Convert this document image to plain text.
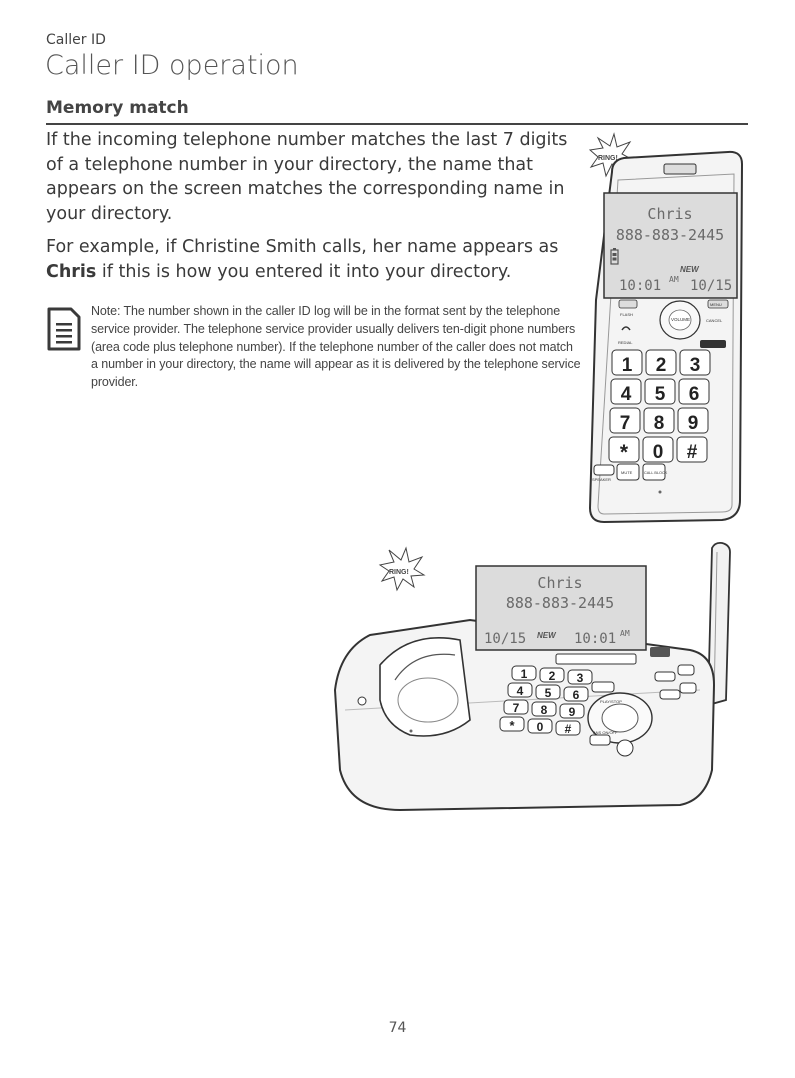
Caller ID
Caller ID operation
Memory match
If the incoming telephone number matches the last 7 digits of a telephone number in your directory, the name that appears on the screen matches the corresponding name in your directory.
For example, if Christine Smith calls, her name appears as Chris if this is how you entered it into your directory.
Note: The number shown in the caller ID log will be in the format sent by the telephone service provider. The telephone service provider usually delivers ten-digit phone numbers (area code plus telephone number). If the telephone number of the caller does not match a number in your directory, the name will appear as it is delivered by the telephone service provider.
RING!
Chris
888-883-2445
NEW
10:01 AM 10/15
MENU
VOLUME
FLASH
CANCEL
REDIAL
1 2 3
4 5 6
7 8 9
* 0 #
SPEAKER
MUTE	CALL BLOCK
RING!
Chris
888-883-2445
10/15 NEW 10:01 AM
1 2 3
4 5 6
7 8 9
* 0 #
PLAY/STOP
ANS ON/OFF
74
